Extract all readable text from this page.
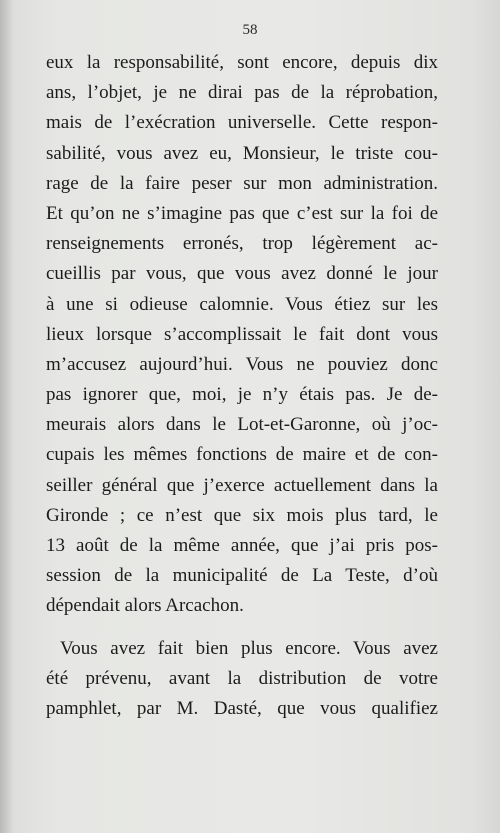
58
eux la responsabilité, sont encore, depuis dix
ans, l’objet, je ne dirai pas de la réprobation,
mais de l’exécration universelle. Cette respon-
sabilité, vous avez eu, Monsieur, le triste cou-
rage de la faire peser sur mon administration.
Et qu’on ne s’imagine pas que c’est sur la foi de
renseignements erronés, trop légèrement ac-
cueillis par vous, que vous avez donné le jour
à une si odieuse calomnie. Vous étiez sur les
lieux lorsque s’accomplissait le fait dont vous
m’accusez aujourd’hui. Vous ne pouviez donc
pas ignorer que, moi, je n’y étais pas. Je de-
meurais alors dans le Lot-et-Garonne, où j’oc-
cupais les mêmes fonctions de maire et de con-
seiller général que j’exerce actuellement dans la
Gironde ; ce n’est que six mois plus tard, le
13 août de la même année, que j’ai pris pos-
session de la municipalité de La Teste, d’où
dépendait alors Arcachon.
Vous avez fait bien plus encore. Vous avez
été prévenu, avant la distribution de votre
pamphlet, par M. Dasté, que vous qualifiez
